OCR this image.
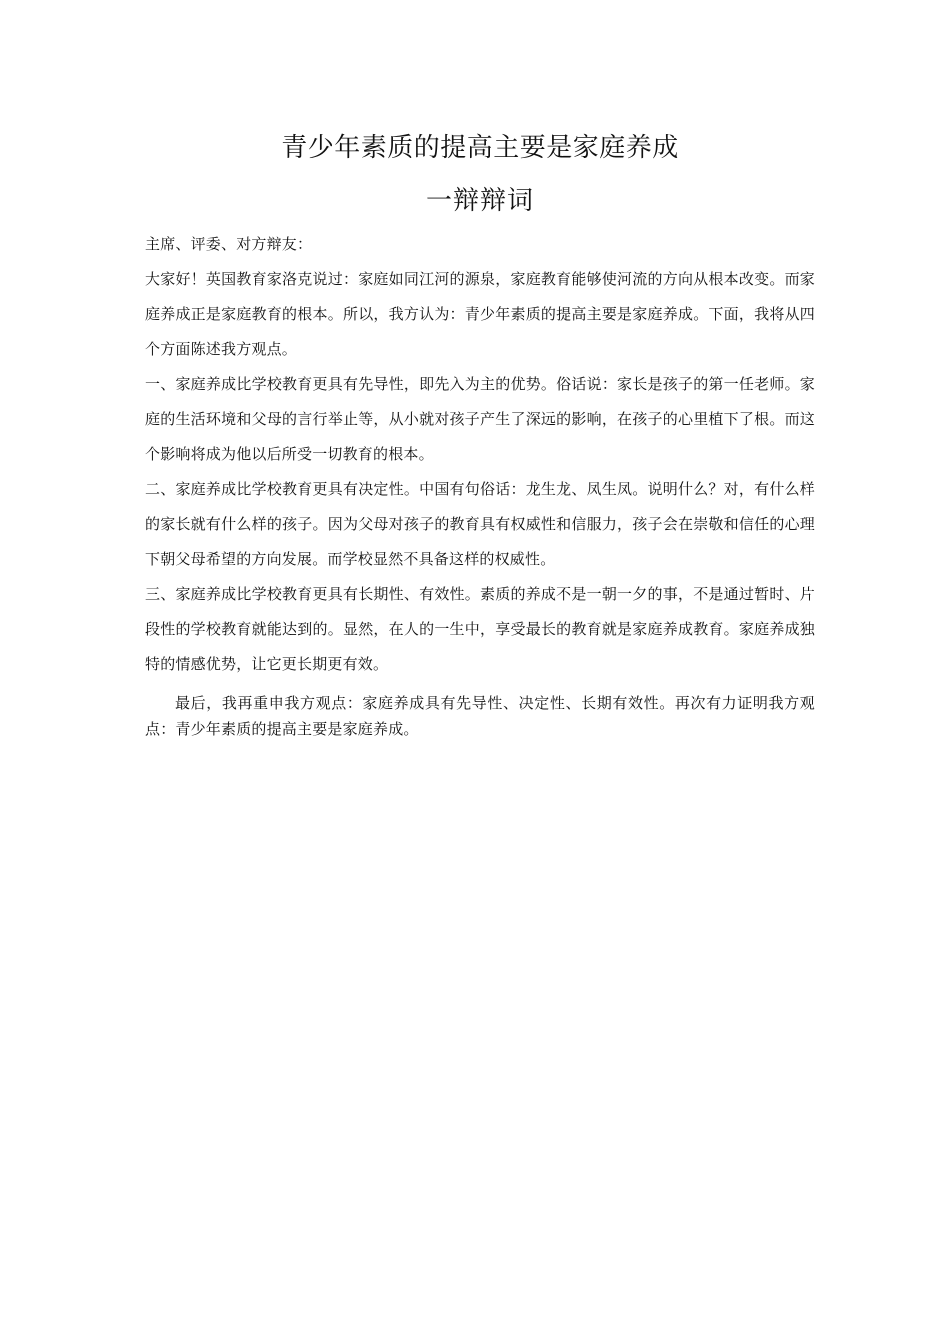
青少年素质的提高主要是家庭养成
一辩辩词

主席、评委、对方辩友：

大家好！英国教育家洛克说过：家庭如同江河的源泉，家庭教育能够使河流的方向从根本改变。而家庭养成正是家庭教育的根本。所以，我方认为：青少年素质的提高主要是家庭养成。下面，我将从四个方面陈述我方观点。

一、家庭养成比学校教育更具有先导性，即先入为主的优势。俗话说：家长是孩子的第一任老师。家庭的生活环境和父母的言行举止等，从小就对孩子产生了深远的影响，在孩子的心里植下了根。而这个影响将成为他以后所受一切教育的根本。

二、家庭养成比学校教育更具有决定性。中国有句俗话：龙生龙、凤生凤。说明什么？对，有什么样的家长就有什么样的孩子。因为父母对孩子的教育具有权威性和信服力，孩子会在崇敬和信任的心理下朝父母希望的方向发展。而学校显然不具备这样的权威性。

三、家庭养成比学校教育更具有长期性、有效性。素质的养成不是一朝一夕的事，不是通过暂时、片段性的学校教育就能达到的。显然，在人的一生中，享受最长的教育就是家庭养成教育。家庭养成独特的情感优势，让它更长期更有效。

最后，我再重申我方观点：家庭养成具有先导性、决定性、长期有效性。再次有力证明我方观点：青少年素质的提高主要是家庭养成。
